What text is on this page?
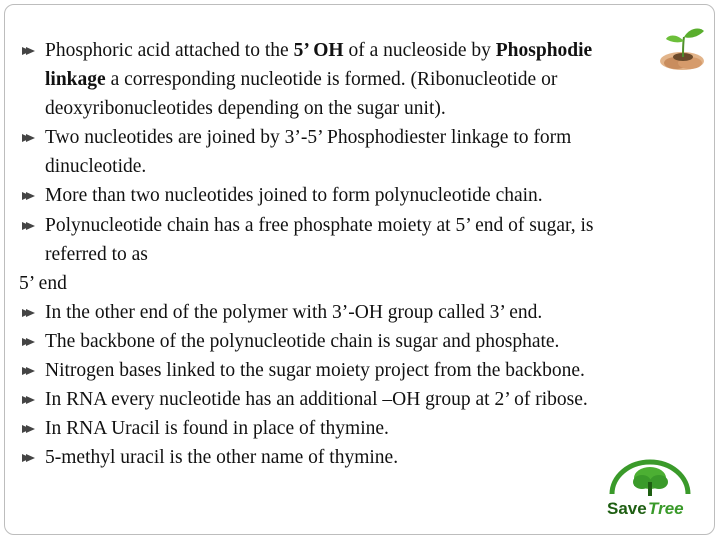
Phosphoric acid attached to the 5’ OH of a nucleoside by Phosphodie
linkage a corresponding nucleotide is formed. (Ribonucleotide or
deoxyribonucleotides depending on the sugar unit).
Two nucleotides are joined by 3’-5’ Phosphodiester linkage to form
dinucleotide.
More than two nucleotides joined to form polynucleotide chain.
Polynucleotide chain has a free phosphate moiety at 5’ end of sugar, is
referred to as
5’ end
In the other end of the polymer with 3’-OH group called 3’ end.
The backbone of the polynucleotide chain is sugar and phosphate.
Nitrogen bases linked to the sugar moiety project from the backbone.
In RNA every nucleotide has an additional –OH group at 2’ of ribose.
In RNA Uracil is found in place of thymine.
5-methyl uracil is the other name of thymine.
Save Tree
